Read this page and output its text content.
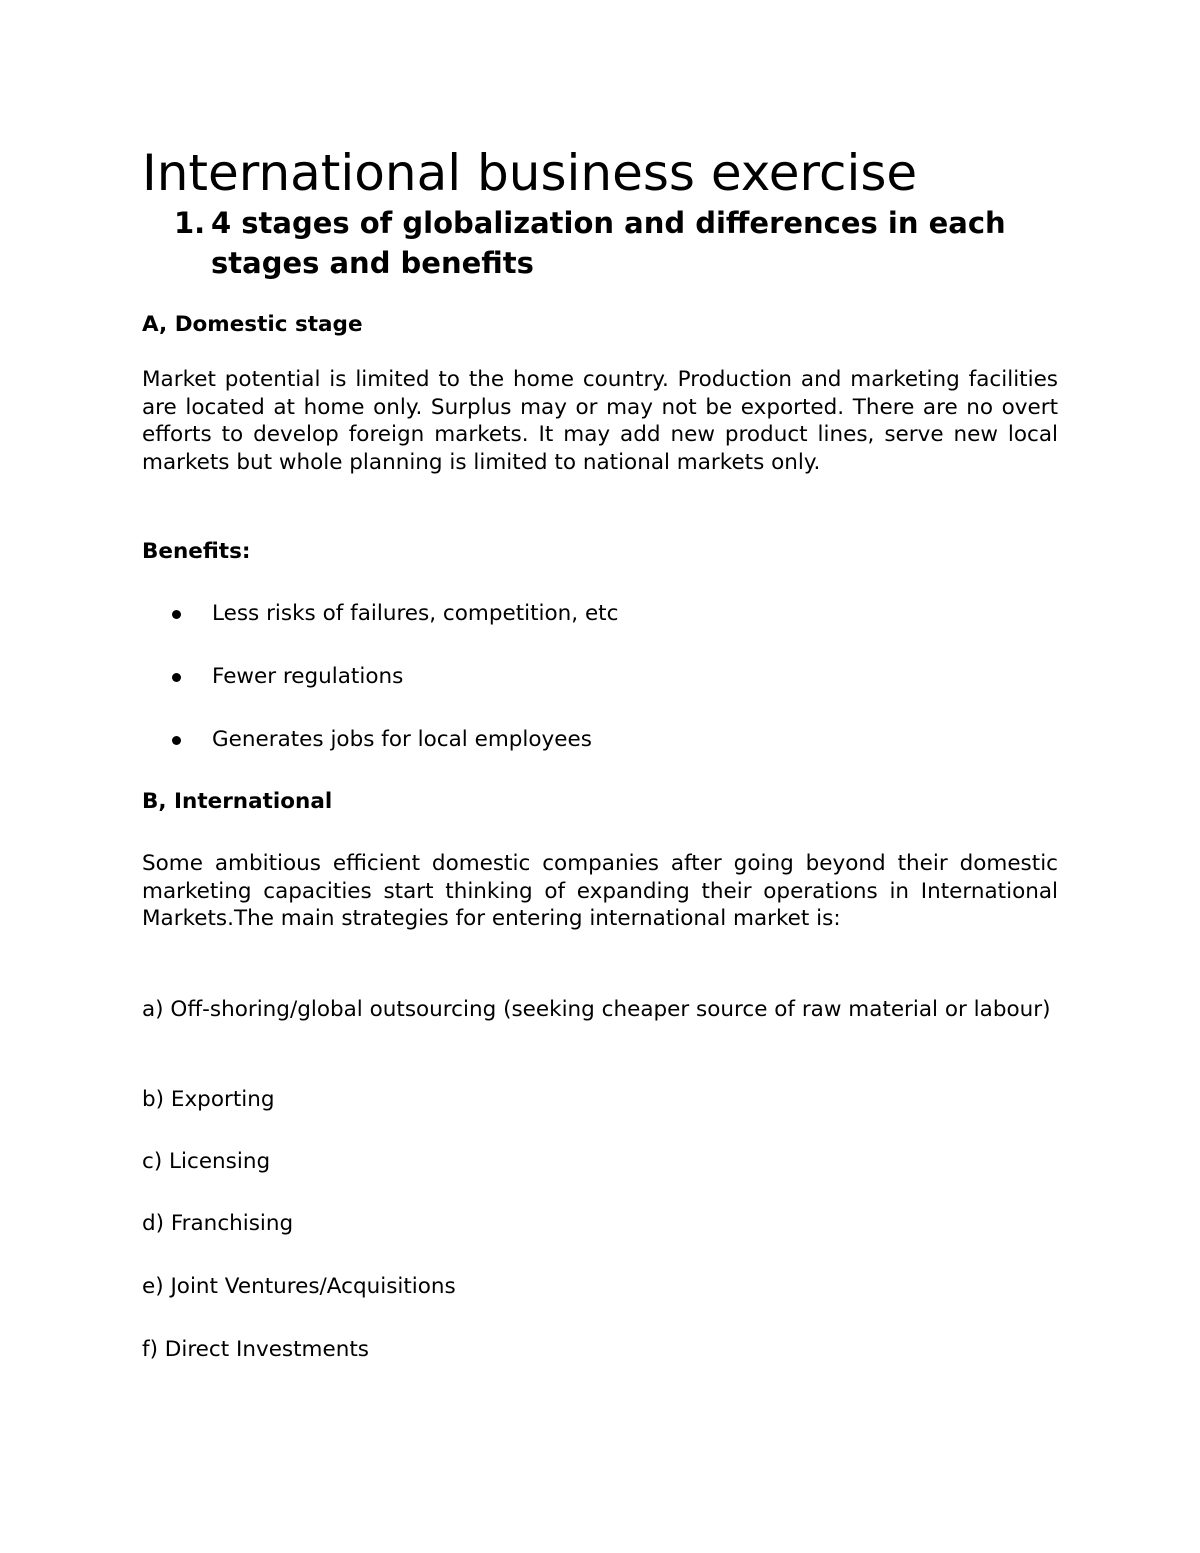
International business exercise
1. 4 stages of globalization and differences in each stages and benefits

A, Domestic stage

Market potential is limited to the home country. Production and marketing facilities are located at home only. Surplus may or may not be exported. There are no overt efforts to develop foreign markets. It may add new product lines, serve new local markets but whole planning is limited to national markets only.

Benefits:

Less risks of failures, competition, etc
Fewer regulations
Generates jobs for local employees

B, International

Some ambitious efficient domestic companies after going beyond their domestic marketing capacities start thinking of expanding their operations in International Markets.The main strategies for entering international market is:

a) Off-shoring/global outsourcing (seeking cheaper source of raw material or labour)

b) Exporting

c) Licensing

d) Franchising

e) Joint Ventures/Acquisitions

f) Direct Investments
